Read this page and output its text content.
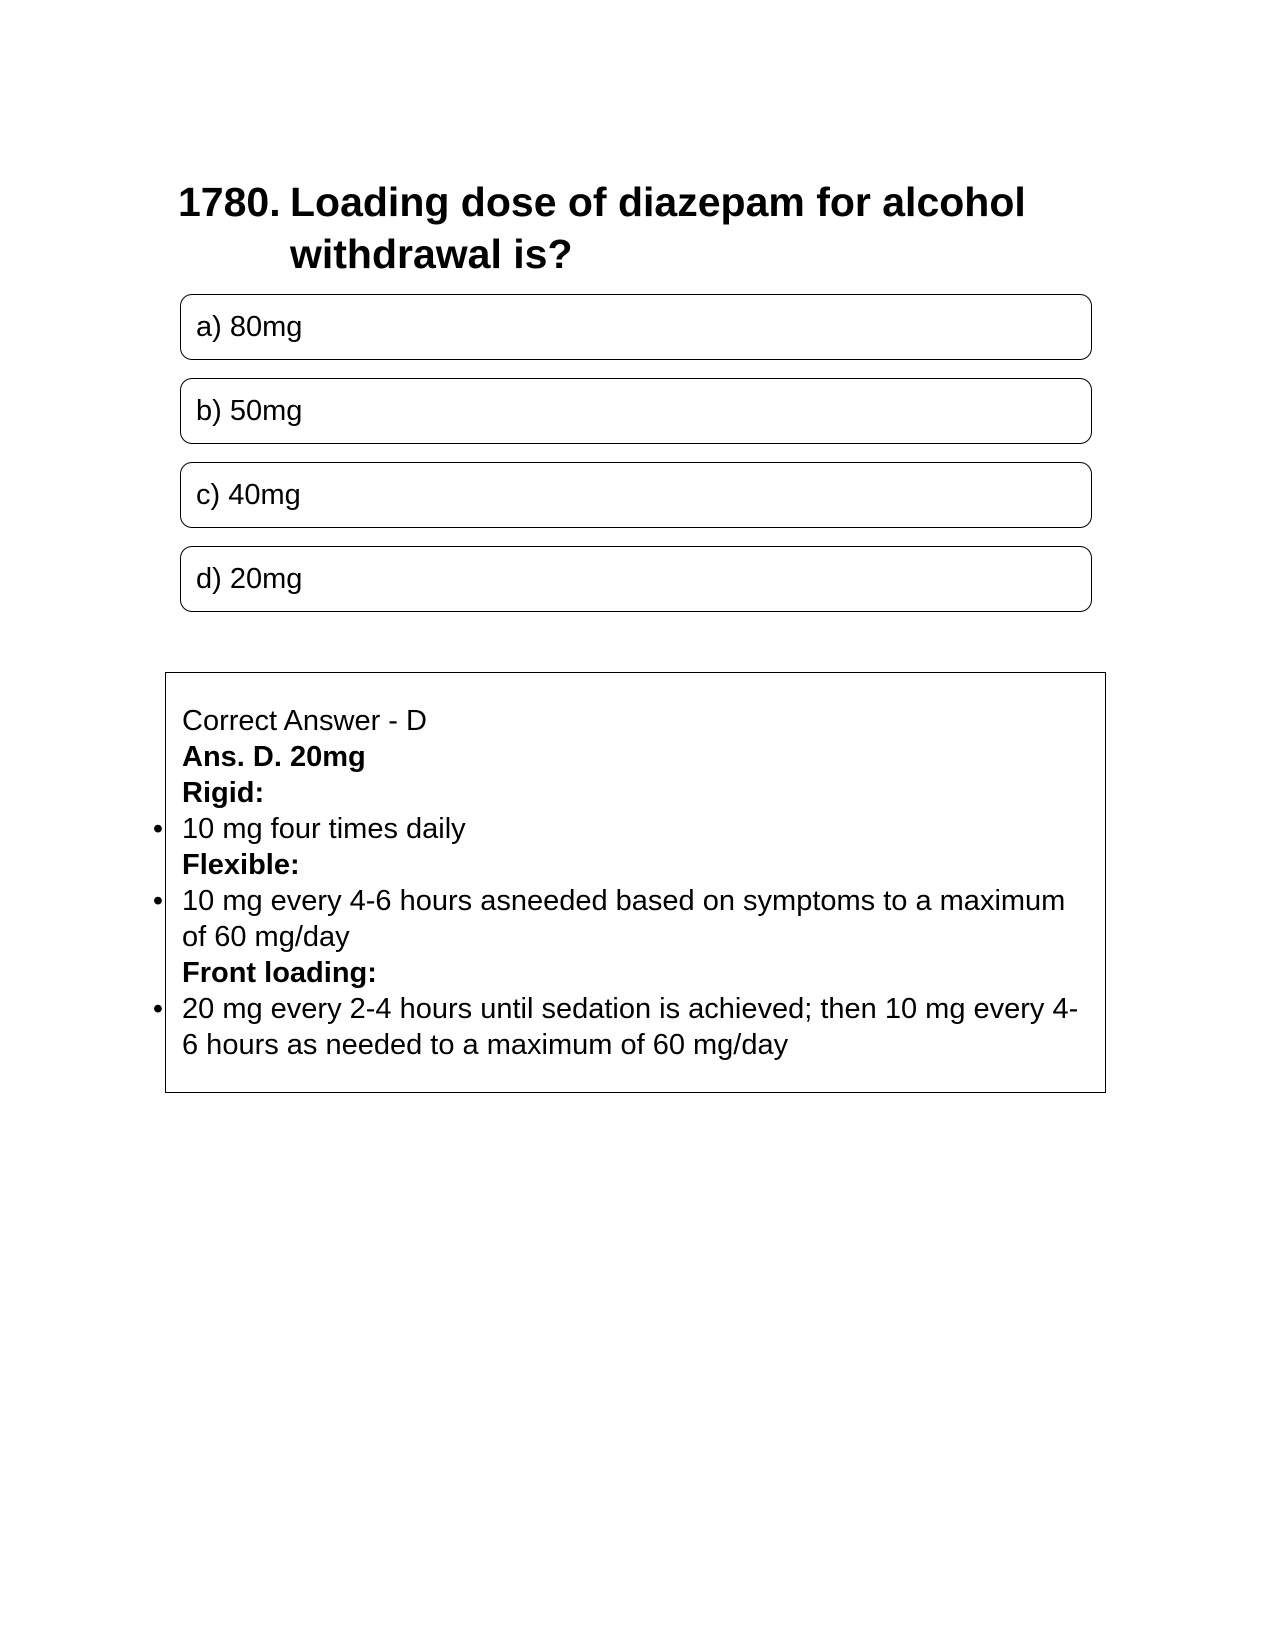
1780. Loading dose of diazepam for alcohol withdrawal is?
a) 80mg
b) 50mg
c) 40mg
d) 20mg
Correct Answer - D
Ans. D. 20mg
Rigid:
• 10 mg four times daily
Flexible:
• 10 mg every 4-6 hours asneeded based on symptoms to a maximum of 60 mg/day
Front loading:
• 20 mg every 2-4 hours until sedation is achieved; then 10 mg every 4-6 hours as needed to a maximum of 60 mg/day
